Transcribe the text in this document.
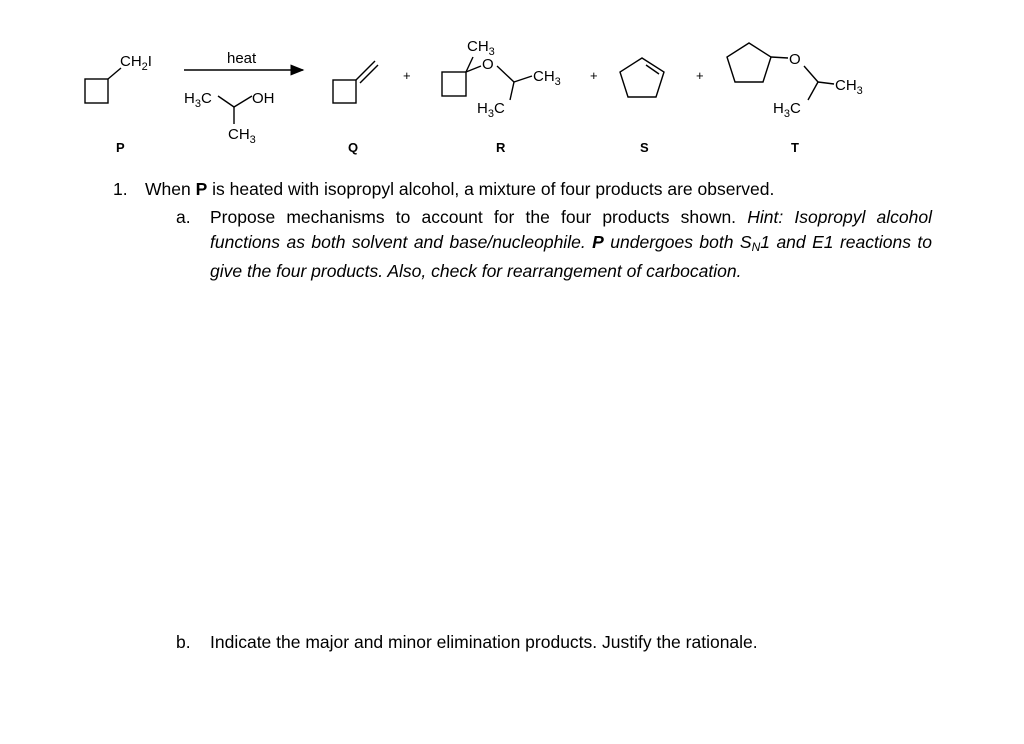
$CH_2I$	heat
$H_3C$	OH
$CH_3$
+
$CH_3$
O
$CH_3$
$H_3C$
+	+
O
$CH_3$
$H_3C$
P	Q	R	S	T
1. When P is heated with isopropyl alcohol, a mixture of four products are observed.
a. Propose mechanisms to account for the four products shown. Hint: Isopropyl alcohol functions as both solvent and base/nucleophile. P undergoes both $S_N1$ and E1 reactions to give the four products. Also, check for rearrangement of carbocation.
b. Indicate the major and minor elimination products. Justify the rationale.
